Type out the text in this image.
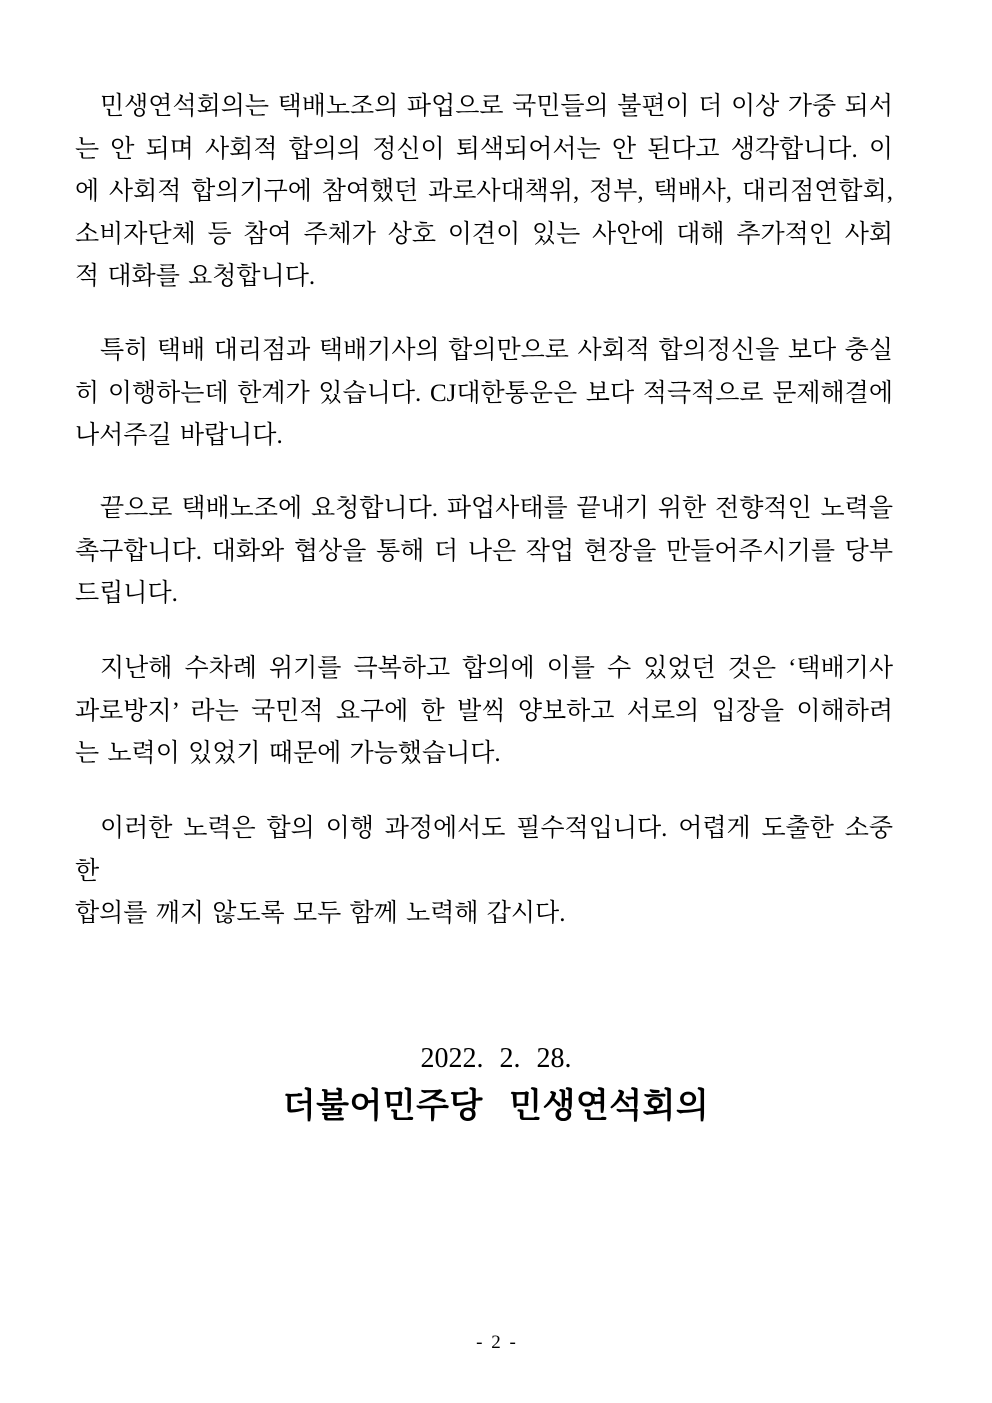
민생연석회의는 택배노조의 파업으로 국민들의 불편이 더 이상 가중 되서
는 안 되며 사회적 합의의 정신이 퇴색되어서는 안 된다고 생각합니다. 이
에 사회적 합의기구에 참여했던 과로사대책위, 정부, 택배사, 대리점연합회,
소비자단체 등 참여 주체가 상호 이견이 있는 사안에 대해 추가적인 사회
적 대화를 요청합니다.
특히 택배 대리점과 택배기사의 합의만으로 사회적 합의정신을 보다 충실
히 이행하는데 한계가 있습니다. CJ대한통운은 보다 적극적으로 문제해결에
나서주길 바랍니다.
끝으로 택배노조에 요청합니다. 파업사태를 끝내기 위한 전향적인 노력을
촉구합니다. 대화와 협상을 통해 더 나은 작업 현장을 만들어주시기를 당부
드립니다.
지난해 수차례 위기를 극복하고 합의에 이를 수 있었던 것은 ‘택배기사
과로방지’ 라는 국민적 요구에 한 발씩 양보하고 서로의 입장을 이해하려
는 노력이 있었기 때문에 가능했습니다.
이러한 노력은 합의 이행 과정에서도 필수적입니다. 어렵게 도출한 소중한
합의를 깨지 않도록 모두 함께 노력해 갑시다.
2022. 2. 28.
더불어민주당 민생연석회의
- 2 -
